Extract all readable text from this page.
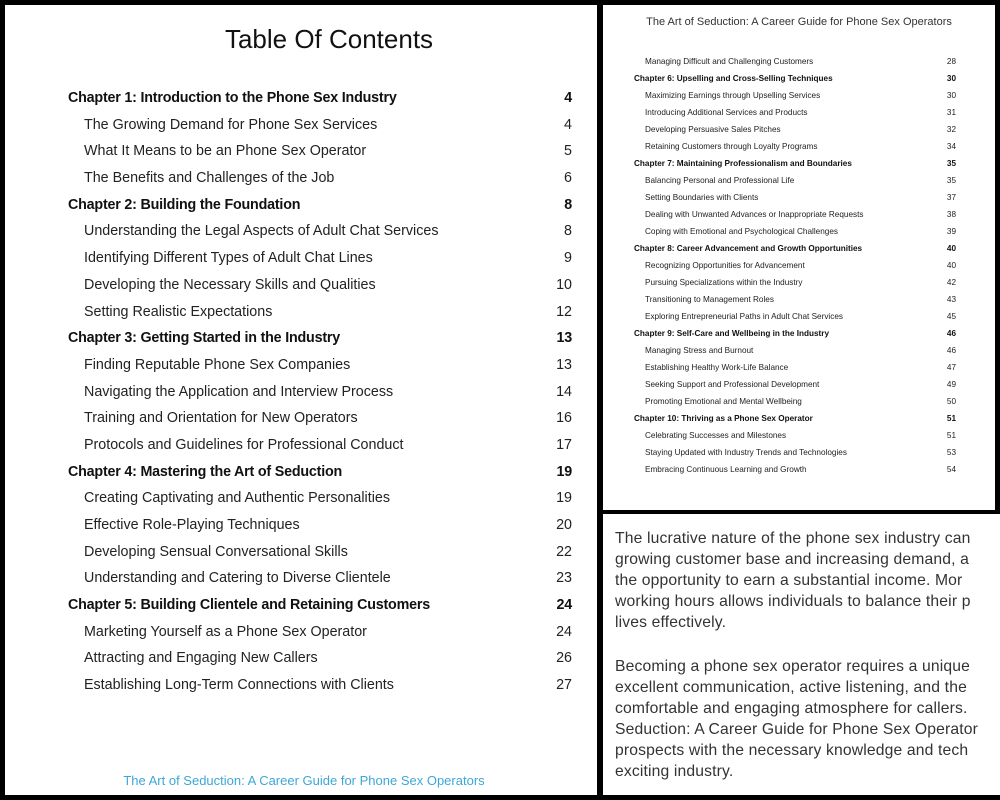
Table Of Contents
Chapter 1: Introduction to the Phone Sex Industry	4
The Growing Demand for Phone Sex Services	4
What It Means to be an Phone Sex Operator	5
The Benefits and Challenges of the Job	6
Chapter 2: Building the Foundation	8
Understanding the Legal Aspects of Adult Chat Services	8
Identifying Different Types of Adult Chat Lines	9
Developing the Necessary Skills and Qualities	10
Setting Realistic Expectations	12
Chapter 3: Getting Started in the Industry	13
Finding Reputable Phone Sex Companies	13
Navigating the Application and Interview Process	14
Training and Orientation for New Operators	16
Protocols and Guidelines for Professional Conduct	17
Chapter 4: Mastering the Art of Seduction	19
Creating Captivating and Authentic Personalities	19
Effective Role-Playing Techniques	20
Developing Sensual Conversational Skills	22
Understanding and Catering to Diverse Clientele	23
Chapter 5: Building Clientele and Retaining Customers	24
Marketing Yourself as a Phone Sex Operator	24
Attracting and Engaging New Callers	26
Establishing Long-Term Connections with Clients	27
The Art of Seduction: A Career Guide for Phone Sex Operators
The Art of Seduction: A Career Guide for Phone Sex Operators
Managing Difficult and Challenging Customers	28
Chapter 6: Upselling and Cross-Selling Techniques	30
Maximizing Earnings through Upselling Services	30
Introducing Additional Services and Products	31
Developing Persuasive Sales Pitches	32
Retaining Customers through Loyalty Programs	34
Chapter 7: Maintaining Professionalism and Boundaries	35
Balancing Personal and Professional Life	35
Setting Boundaries with Clients	37
Dealing with Unwanted Advances or Inappropriate Requests	38
Coping with Emotional and Psychological Challenges	39
Chapter 8: Career Advancement and Growth Opportunities	40
Recognizing Opportunities for Advancement	40
Pursuing Specializations within the Industry	42
Transitioning to Management Roles	43
Exploring Entrepreneurial Paths in Adult Chat Services	45
Chapter 9: Self-Care and Wellbeing in the Industry	46
Managing Stress and Burnout	46
Establishing Healthy Work-Life Balance	47
Seeking Support and Professional Development	49
Promoting Emotional and Mental Wellbeing	50
Chapter 10: Thriving as a Phone Sex Operator	51
Celebrating Successes and Milestones	51
Staying Updated with Industry Trends and Technologies	53
Embracing Continuous Learning and Growth	54

The lucrative nature of the phone sex industry can
growing customer base and increasing demand, a
the opportunity to earn a substantial income. Mor
working hours allows individuals to balance their p
lives effectively.

Becoming a phone sex operator requires a unique
excellent communication, active listening, and the
comfortable and engaging atmosphere for callers.
Seduction: A Career Guide for Phone Sex Operator
prospects with the necessary knowledge and tech
exciting industry.
